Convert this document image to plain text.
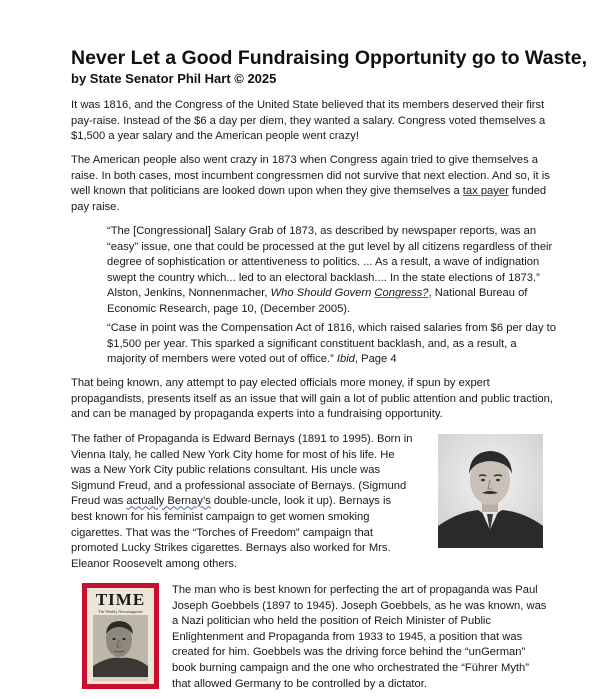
Never Let a Good Fundraising Opportunity go to Waste,
by State Senator Phil Hart © 2025

It was 1816, and the Congress of the United State believed that its members deserved their first pay-raise. Instead of the $6 a day per diem, they wanted a salary. Congress voted themselves a $1,500 a year salary and the American people went crazy!

The American people also went crazy in 1873 when Congress again tried to give themselves a raise. In both cases, most incumbent congressmen did not survive that next election. And so, it is well known that politicians are looked down upon when they give themselves a tax payer funded pay raise.

“The [Congressional] Salary Grab of 1873, as described by newspaper reports, was an “easy” issue, one that could be processed at the gut level by all citizens regardless of their degree of sophistication or attentiveness to politics. ... As a result, a wave of indignation swept the country which... led to an electoral backlash.... In the state elections of 1873.” Alston, Jenkins, Nonnenmacher, Who Should Govern Congress?, National Bureau of Economic Research, page 10, (December 2005).

“Case in point was the Compensation Act of 1816, which raised salaries from $6 per day to $1,500 per year. This sparked a significant constituent backlash, and, as a result, a majority of members were voted out of office.” Ibid, Page 4

That being known, any attempt to pay elected officials more money, if spun by expert propagandists, presents itself as an issue that will gain a lot of public attention and public traction, and can be managed by propaganda experts into a fundraising opportunity.

The father of Propaganda is Edward Bernays (1891 to 1995). Born in
Vienna Italy, he called New York City home for most of his life. He
was a New York City public relations consultant. His uncle was
Sigmund Freud, and a professional associate of Bernays. (Sigmund
Freud was actually Bernay’s double-uncle, look it up). Bernays is
best known for his feminist campaign to get women smoking
cigarettes. That was the “Torches of Freedom” campaign that
promoted Lucky Strikes cigarettes. Bernays also worked for Mrs.
Eleanor Roosevelt among others.

TIME
The Weekly Newsmagazine

The man who is best known for perfecting the art of propaganda was Paul
Joseph Goebbels (1897 to 1945). Joseph Goebbels, as he was known, was
a Nazi politician who held the position of Reich Minister of Public
Enlightenment and Propaganda from 1933 to 1945, a position that was
created for him. Goebbels was the driving force behind the “unGerman”
book burning campaign and the one who orchestrated the “Führer Myth”
that allowed Germany to be controlled by a dictator.
